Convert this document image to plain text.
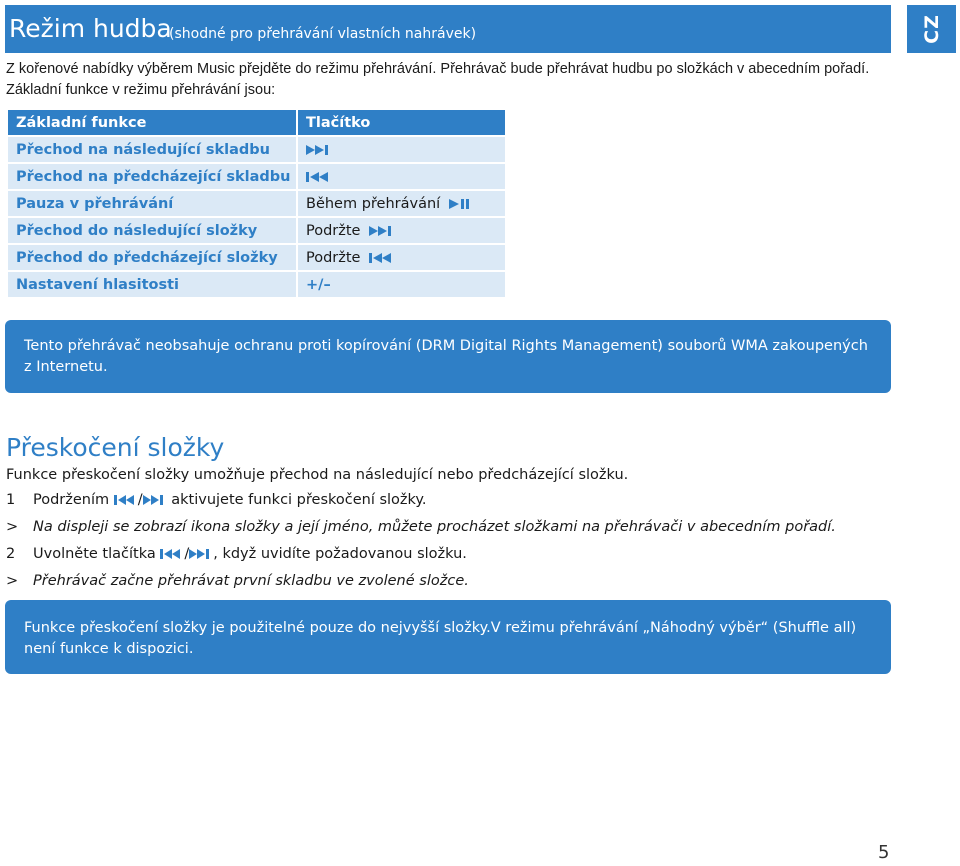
Režim hudba
(shodné pro přehrávání vlastních nahrávek)	CZ
Z kořenové nabídky výběrem Music přejděte do režimu přehrávání. Přehrávač bude přehrávat hudbu po složkách v abecedním pořadí. Základní funkce v režimu přehrávání jsou:
Základní funkce	Tlačítko
Přechod na následující skladbu	
Přechod na předcházející skladbu	
Pauza v přehrávání	Během přehrávání
Přechod do následující složky	Podržte
Přechod do předcházející složky	Podržte
Nastavení hlasitosti	+/–

Tento přehrávač neobsahuje ochranu proti kopírování (DRM Digital Rights Management) souborů WMA zakoupených z Internetu.

Přeskočení složky
Funkce přeskočení složky umožňuje přechod na následující nebo předcházející složku.
1 Podržením / aktivujete funkci přeskočení složky.
> Na displeji se zobrazí ikona složky a její jméno, můžete procházet složkami na přehrávači v abecedním pořadí.
2 Uvolněte tlačítka / , když uvidíte požadovanou složku.
> Přehrávač začne přehrávat první skladbu ve zvolené složce.

Funkce přeskočení složky je použitelné pouze do nejvyšší složky.V režimu přehrávání „Náhodný výběr“ (Shuffle all) není funkce k dispozici.

5
